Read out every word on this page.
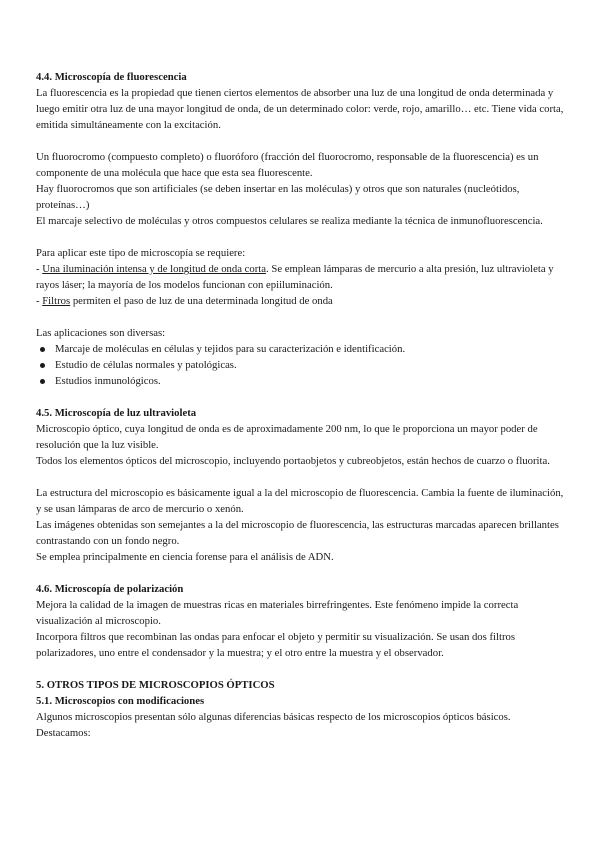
4.4. Microscopía de fluorescencia

La fluorescencia es la propiedad que tienen ciertos elementos de absorber una luz de una longitud de onda determinada y luego emitir otra luz de una mayor longitud de onda, de un determinado color: verde, rojo, amarillo… etc. Tiene vida corta, emitida simultáneamente con la excitación.

Un fluorocromo (compuesto completo) o fluoróforo (fracción del fluorocromo, responsable de la fluorescencia) es un componente de una molécula que hace que esta sea fluorescente.

Hay fluorocromos que son artificiales (se deben insertar en las moléculas) y otros que son naturales (nucleótidos, proteínas…)

El marcaje selectivo de moléculas y otros compuestos celulares se realiza mediante la técnica de inmunofluorescencia.

Para aplicar este tipo de microscopía se requiere:

- Una iluminación intensa y de longitud de onda corta. Se emplean lámparas de mercurio a alta presión, luz ultravioleta y rayos láser; la mayoría de los modelos funcionan con epiiluminación.

- Filtros permiten el paso de luz de una determinada longitud de onda

Las aplicaciones son diversas:

Marcaje de moléculas en células y tejidos para su caracterización e identificación.
Estudio de células normales y patológicas.
Estudios inmunológicos.
4.5. Microscopía de luz ultravioleta

Microscopio óptico, cuya longitud de onda es de aproximadamente 200 nm, lo que le proporciona un mayor poder de resolución que la luz visible.

Todos los elementos ópticos del microscopio, incluyendo portaobjetos y cubreobjetos, están hechos de cuarzo o fluorita.

La estructura del microscopio es básicamente igual a la del microscopio de fluorescencia. Cambia la fuente de iluminación, y se usan lámparas de arco de mercurio o xenón.

Las imágenes obtenidas son semejantes a la del microscopio de fluorescencia, las estructuras marcadas aparecen brillantes contrastando con un fondo negro.

Se emplea principalmente en ciencia forense para el análisis de ADN.

4.6. Microscopía de polarización

Mejora la calidad de la imagen de muestras ricas en materiales birrefringentes. Este fenómeno impide la correcta visualización al microscopio.

Incorpora filtros que recombinan las ondas para enfocar el objeto y permitir su visualización. Se usan dos filtros polarizadores, uno entre el condensador y la muestra; y el otro entre la muestra y el observador.

5. OTROS TIPOS DE MICROSCOPIOS ÓPTICOS
5.1. Microscopios con modificaciones

Algunos microscopios presentan sólo algunas diferencias básicas respecto de los microscopios ópticos básicos. Destacamos:
